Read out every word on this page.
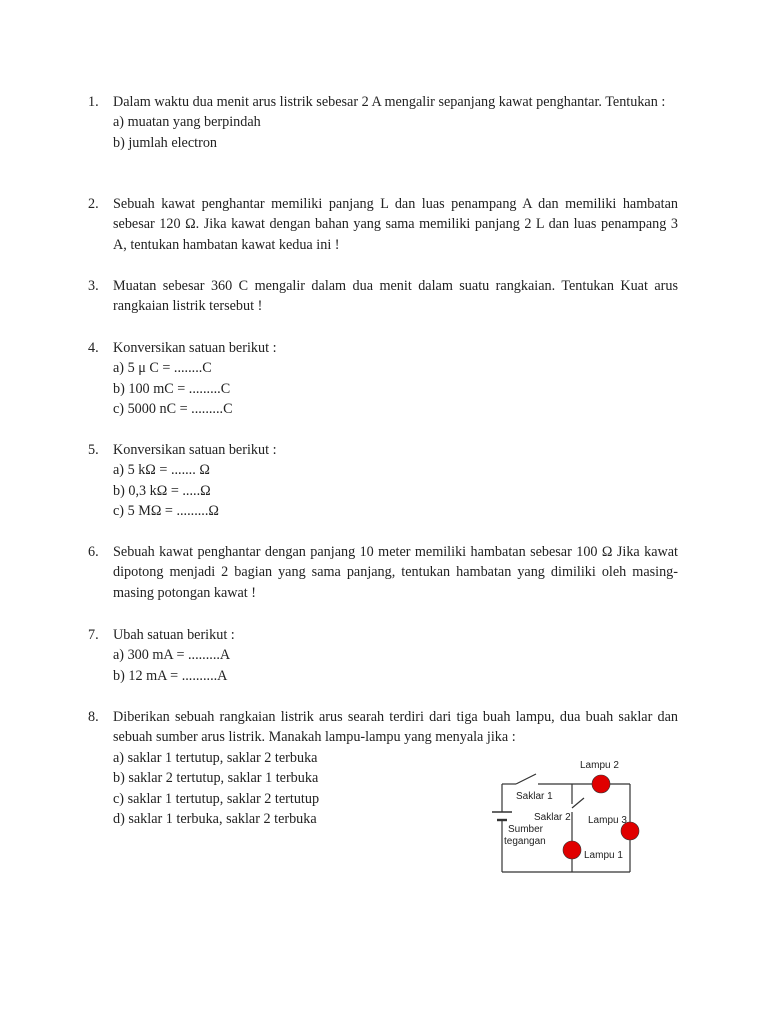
1.	Dalam waktu dua menit arus listrik sebesar 2 A mengalir sepanjang kawat penghantar. Tentukan :
a) muatan yang berpindah
b) jumlah electron
2.	Sebuah kawat penghantar memiliki panjang L dan luas penampang A dan memiliki hambatan sebesar 120 Ω. Jika kawat dengan bahan yang sama memiliki panjang 2 L dan luas penampang 3 A, tentukan hambatan kawat kedua ini !
3.	Muatan sebesar 360 C mengalir dalam dua menit dalam suatu rangkaian. Tentukan Kuat arus rangkaian listrik tersebut !
4.	Konversikan satuan berikut :
a) 5 μ C = ........C
b) 100 mC = .........C
c) 5000 nC = .........C
5.	Konversikan satuan berikut :
a) 5 kΩ = ....... Ω
b) 0,3 kΩ = .....Ω
c) 5 MΩ = .........Ω
6.	Sebuah kawat penghantar dengan panjang 10 meter memiliki hambatan sebesar 100 Ω Jika kawat dipotong menjadi 2 bagian yang sama panjang, tentukan hambatan yang dimiliki oleh masing-masing potongan kawat !
7.	Ubah satuan berikut :
a) 300 mA = .........A
b) 12 mA = ..........A
8.	Diberikan sebuah rangkaian listrik arus searah terdiri dari tiga buah lampu, dua buah saklar dan sebuah sumber arus listrik. Manakah lampu-lampu yang menyala jika :
a) saklar 1 tertutup, saklar 2 terbuka
b) saklar 2 tertutup, saklar 1 terbuka
c) saklar 1 tertutup, saklar 2 tertutup
d) saklar 1 terbuka, saklar 2 terbuka
Lampu 2
Saklar 1
Saklar 2 Lampu 3
Sumber
tegangan
Lampu 1
